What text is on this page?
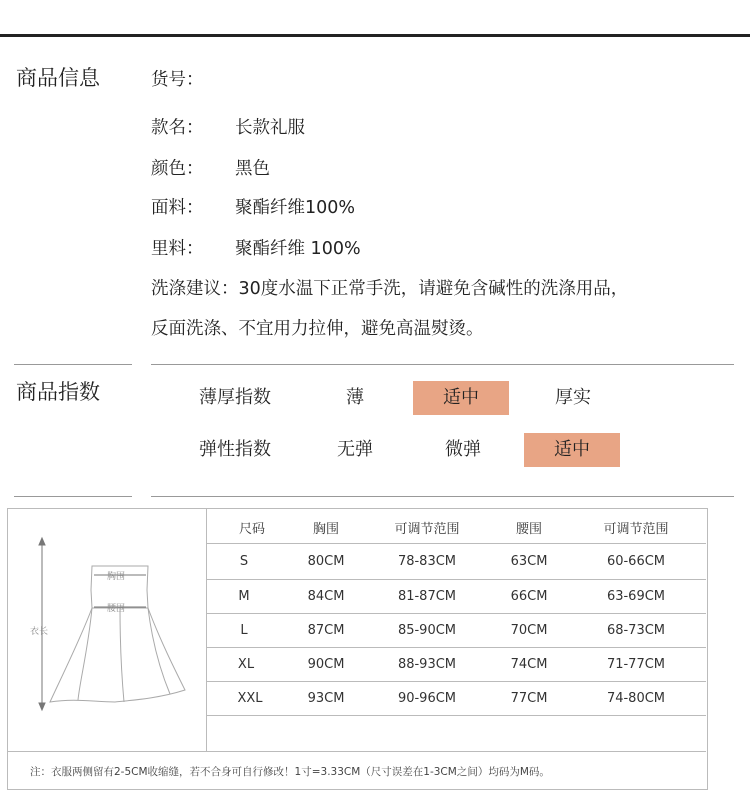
商品信息	货号：
款名： 长款礼服
颜色： 黑色
面料： 聚酯纤维100%
里料： 聚酯纤维 100%
洗涤建议：30度水温下正常手洗，请避免含碱性的洗涤用品，
反面洗涤、不宜用力拉伸，避免高温熨烫。
商品指数	薄厚指数	薄	适中	厚实
弹性指数	无弹	微弹	适中
胸围
腰围
衣长
尺码	胸围	可调节范围	腰围	可调节范围
S	80CM	78-83CM	63CM	60-66CM
M	84CM	81-87CM	66CM	63-69CM
L	87CM	85-90CM	70CM	68-73CM
XL	90CM	88-93CM	74CM	71-77CM
XXL	93CM	90-96CM	77CM	74-80CM
注：衣服两侧留有2-5CM收缩缝，若不合身可自行修改！1寸=3.33CM（尺寸误差在1-3CM之间）均码为M码。
